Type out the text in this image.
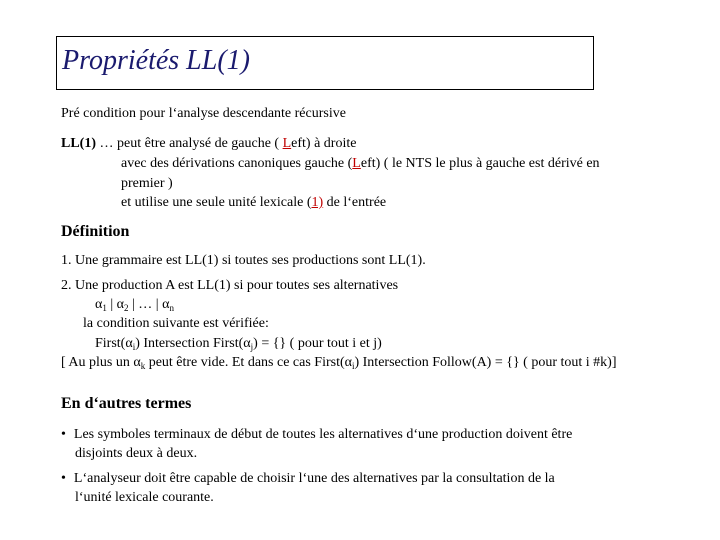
Propriétés LL(1)
Pré condition pour l‘analyse descendante récursive
LL(1) … peut être analysé de gauche ( Left) à droite
avec des dérivations canoniques gauche (Left) ( le NTS le plus à gauche est dérivé en
premier )
et utilise une seule unité lexicale (1) de l‘entrée
Définition
1. Une grammaire est LL(1) si toutes ses productions sont LL(1).
2. Une production A est LL(1) si pour toutes ses alternatives
$\alpha_1$ | $\alpha_2$ | … | $\alpha_n$
la condition suivante est vérifiée:
$First(\alpha_i)$ Intersection $First(\alpha_j)$ = {} ( pour tout i et j)
[ Au plus un $\alpha_k$ peut être vide. Et dans ce cas $First(\alpha_i)$ Intersection Follow(A) = {} ( pour tout i #k)]
En d‘autres termes
• Les symboles terminaux de début de toutes les alternatives d‘une production doivent être
disjoints deux à deux.
• L‘analyseur doit être capable de choisir l‘une des alternatives par la consultation de la
l‘unité lexicale courante.
